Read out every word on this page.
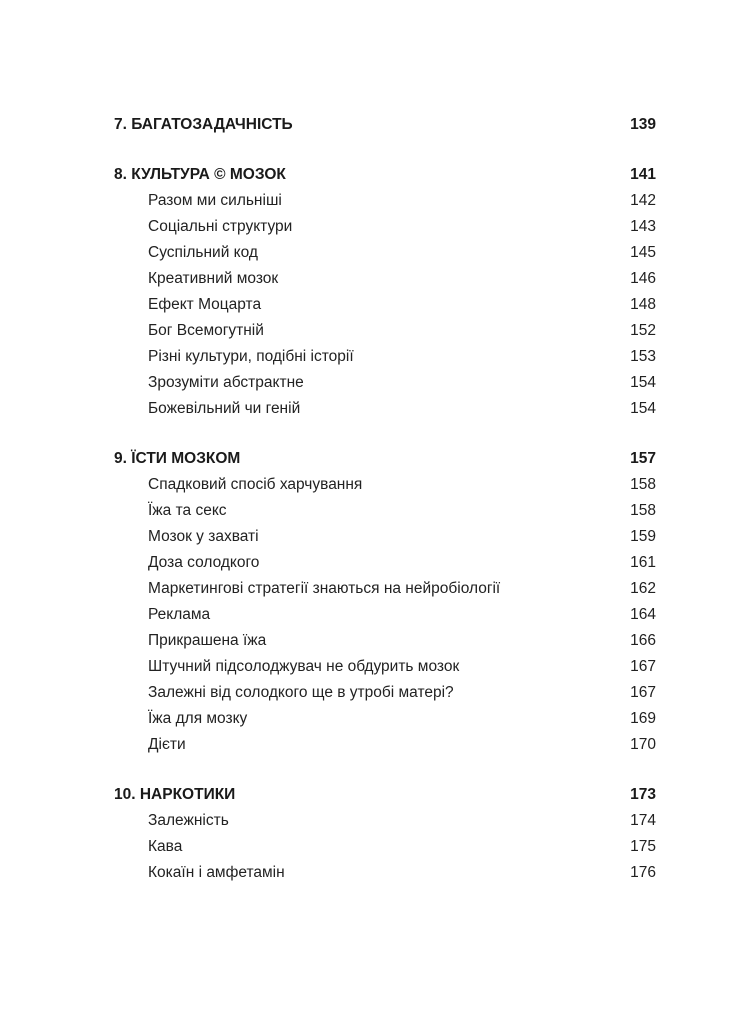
7. БАГАТОЗАДАЧНІСТЬ	139
8. КУЛЬТУРА © МОЗОК	141
Разом ми сильніші	142
Соціальні структури	143
Суспільний код	145
Креативний мозок	146
Ефект Моцарта	148
Бог Всемогутній	152
Різні культури, подібні історії	153
Зрозуміти абстрактне	154
Божевільний чи геній	154
9. ЇСТИ МОЗКОМ	157
Спадковий спосіб харчування	158
Їжа та секс	158
Мозок у захваті	159
Доза солодкого	161
Маркетингові стратегії знаються на нейробіології	162
Реклама	164
Прикрашена їжа	166
Штучний підсолоджувач не обдурить мозок	167
Залежні від солодкого ще в утробі матері?	167
Їжа для мозку	169
Дієти	170
10. НАРКОТИКИ	173
Залежність	174
Кава	175
Кокаїн і амфетамін	176
